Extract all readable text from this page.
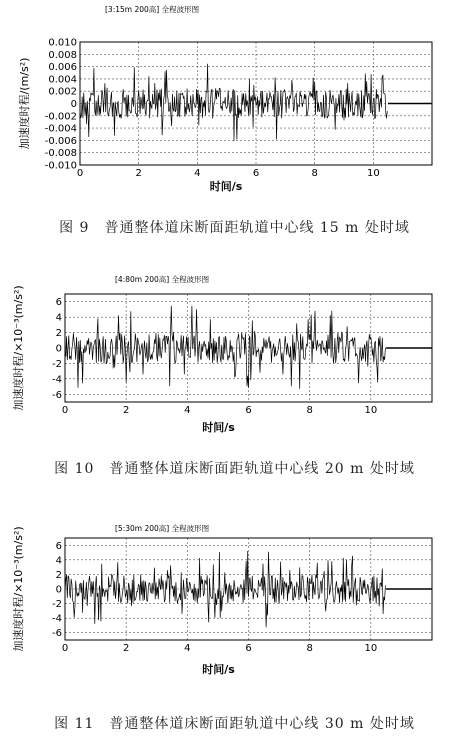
[3:15m 200高] 全程波形图
0.010
0.008
0.006
0.004
0.002
0
-0.002
-0.004
-0.006
-0.008
-0.010
0	2	4	6	8	10
加速度时程/(m/s²)
时间/s
图 9　普通整体道床断面距轨道中心线 15 m 处时域
[4:80m 200高] 全程波形图
6
4
2
0
-2
-4
-6
0	2	4	6	8	10
加速度时程/×10⁻³(m/s²)
时间/s
图 10　普通整体道床断面距轨道中心线 20 m 处时域
[5:30m 200高] 全程波形图
6
4
2
0
-2
-4
-6
0	2	4	6	8	10
加速度时程/×10⁻³(m/s²)
时间/s
图 11　普通整体道床断面距轨道中心线 30 m 处时域
